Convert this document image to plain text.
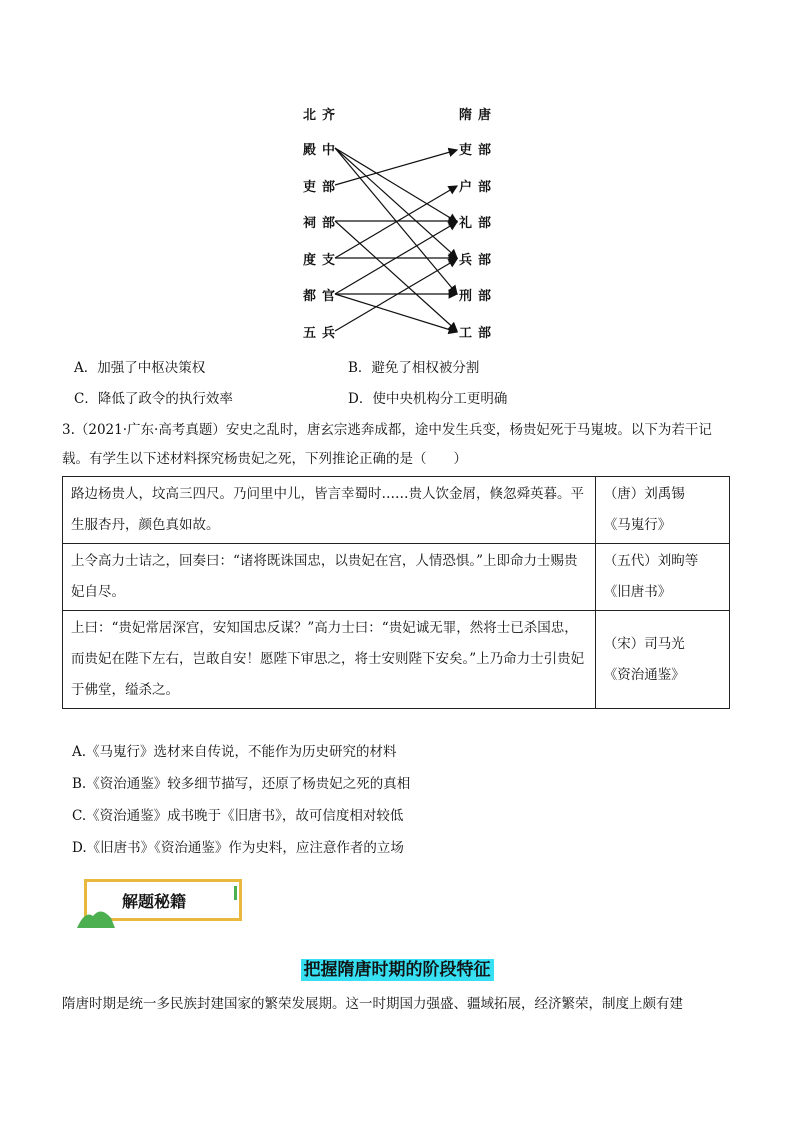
北齐	隋唐
殿中
吏部
祠部
度支
都官
五兵
吏部
户部
礼部
兵部
刑部
工部
A．加强了中枢决策权	B．避免了相权被分割
C．降低了政令的执行效率	D．使中央机构分工更明确
3.（2021·广东·高考真题）安史之乱时，唐玄宗逃奔成都，途中发生兵变，杨贵妃死于马嵬坡。以下为若干记载。有学生以下述材料探究杨贵妃之死，下列推论正确的是（　　）
路边杨贵人，坟高三四尺。乃问里中儿，皆言幸蜀时……贵人饮金屑，倏忽舜英暮。平生服杏丹，颜色真如故。	（唐）刘禹锡
《马嵬行》

上令高力士诘之，回奏曰：“诸将既诛国忠，以贵妃在宫，人情恐惧。”上即命力士赐贵妃自尽。	（五代）刘昫等
《旧唐书》

上曰：“贵妃常居深宫，安知国忠反谋？”高力士曰：“贵妃诚无罪，然将士已杀国忠，而贵妃在陛下左右，岂敢自安！愿陛下审思之，将士安则陛下安矣。”上乃命力士引贵妃于佛堂，缢杀之。	（宋）司马光
《资治通鉴》
A.《马嵬行》选材来自传说，不能作为历史研究的材料
B.《资治通鉴》较多细节描写，还原了杨贵妃之死的真相
C.《资治通鉴》成书晚于《旧唐书》，故可信度相对较低
D.《旧唐书》《资治通鉴》作为史料，应注意作者的立场
解题秘籍
把握隋唐时期的阶段特征
隋唐时期是统一多民族封建国家的繁荣发展期。这一时期国力强盛、疆域拓展，经济繁荣，制度上颇有建
